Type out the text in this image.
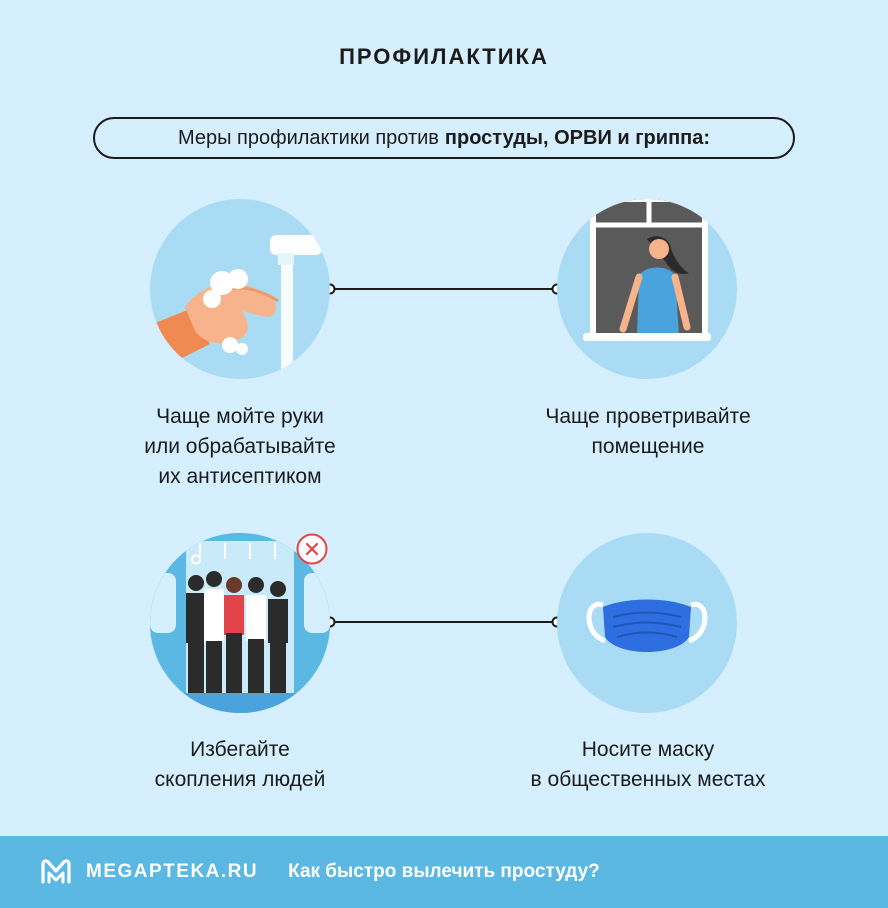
ПРОФИЛАКТИКА
Меры профилактики против простуды, ОРВИ и гриппа:
Чаще мойте руки
или обрабатывайте
их антисептиком
Чаще проветривайте
помещение
Избегайте
скопления людей
Носите маску
в общественных местах
MEGAPTEKA.RU Как быстро вылечить простуду?
